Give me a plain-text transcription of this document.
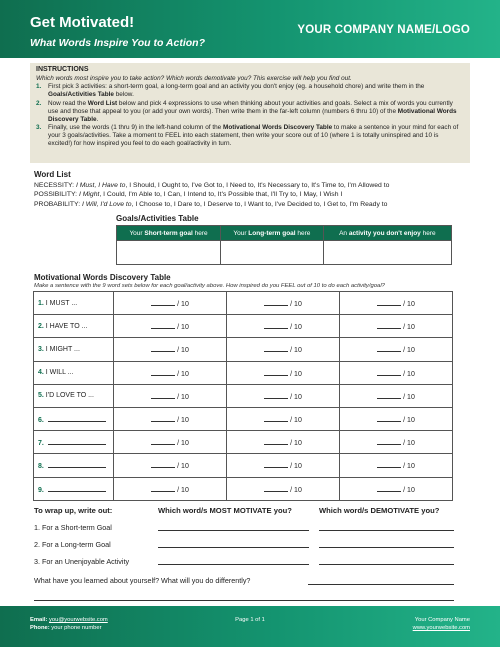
Get Motivated!
What Words Inspire You to Action?
YOUR COMPANY NAME/LOGO
INSTRUCTIONS
Which words most inspire you to take action? Which words demotivate you? This exercise will help you find out.
1. First pick 3 activities: a short-term goal, a long-term goal and an activity you don't enjoy (eg. a household chore) and write them in the Goals/Activities Table below.
2. Now read the Word List below and pick 4 expressions to use when thinking about your activities and goals. Select a mix of words you currently use and those that appeal to you (or add your own words). Then write them in the far-left column (numbers 6 thru 10) of the Motivational Words Discovery Table.
3. Finally, use the words (1 thru 9) in the left-hand column of the Motivational Words Discovery Table to make a sentence in your mind for each of your 3 goals/activities. Take a moment to FEEL into each statement, then write your score out of 10 (where 1 is totally uninspired and 10 is excited!) for how inspired you feel to do each goal/activity in turn.
Word List
NECESSITY: I Must, I Have to, I Should, I Ought to, I've Got to, I Need to, It's Necessary to, It's Time to, I'm Allowed to
POSSIBILITY: I Might, I Could, I'm Able to, I Can, I Intend to, It's Possible that, I'll Try to, I May, I Wish I
PROBABILITY: I Will, I'd Love to, I Choose to, I Dare to, I Deserve to, I Want to, I've Decided to, I Get to, I'm Ready to
Goals/Activities Table
Your Short-term goal here	Your Long-term goal here	An activity you don't enjoy here

Motivational Words Discovery Table
Make a sentence with the 9 word sets below for each goal/activity above. How inspired do you FEEL out of 10 to do each activity/goal?
1. I MUST ...	/ 10	/ 10	/ 10
2. I HAVE TO ...	/ 10	/ 10	/ 10
3. I MIGHT ...	/ 10	/ 10	/ 10
4. I WILL ...	/ 10	/ 10	/ 10
5. I'D LOVE TO ...	/ 10	/ 10	/ 10
6.	/ 10	/ 10	/ 10
7.	/ 10	/ 10	/ 10
8.	/ 10	/ 10	/ 10
9.	/ 10	/ 10	/ 10
To wrap up, write out:	Which word/s MOST MOTIVATE you?	Which word/s DEMOTIVATE you?
1. For a Short-term Goal
2. For a Long-term Goal
3. For an Unenjoyable Activity
What have you learned about yourself? What will you do differently?
Email: you@yourwebsite.com
Phone: your phone number
Page 1 of 1	Your Company Name
www.yourwebsite.com
